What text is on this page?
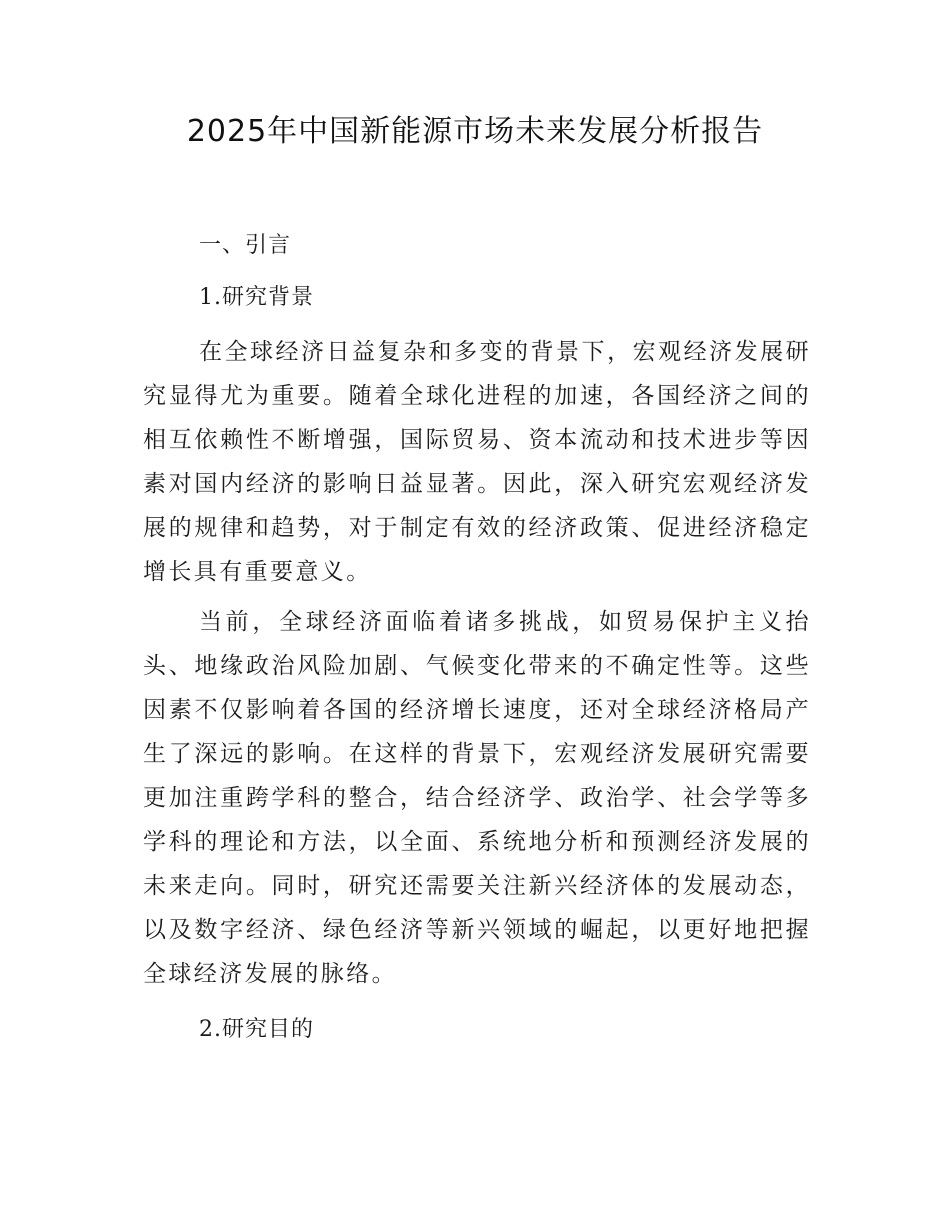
2025年中国新能源市场未来发展分析报告
一、引言
1.研究背景

在全球经济日益复杂和多变的背景下，宏观经济发展研究显得尤为重要。随着全球化进程的加速，各国经济之间的相互依赖性不断增强，国际贸易、资本流动和技术进步等因素对国内经济的影响日益显著。因此，深入研究宏观经济发展的规律和趋势，对于制定有效的经济政策、促进经济稳定增长具有重要意义。

当前，全球经济面临着诸多挑战，如贸易保护主义抬头、地缘政治风险加剧、气候变化带来的不确定性等。这些因素不仅影响着各国的经济增长速度，还对全球经济格局产生了深远的影响。在这样的背景下，宏观经济发展研究需要更加注重跨学科的整合，结合经济学、政治学、社会学等多学科的理论和方法，以全面、系统地分析和预测经济发展的未来走向。同时，研究还需要关注新兴经济体的发展动态，以及数字经济、绿色经济等新兴领域的崛起，以更好地把握全球经济发展的脉络。

2.研究目的
